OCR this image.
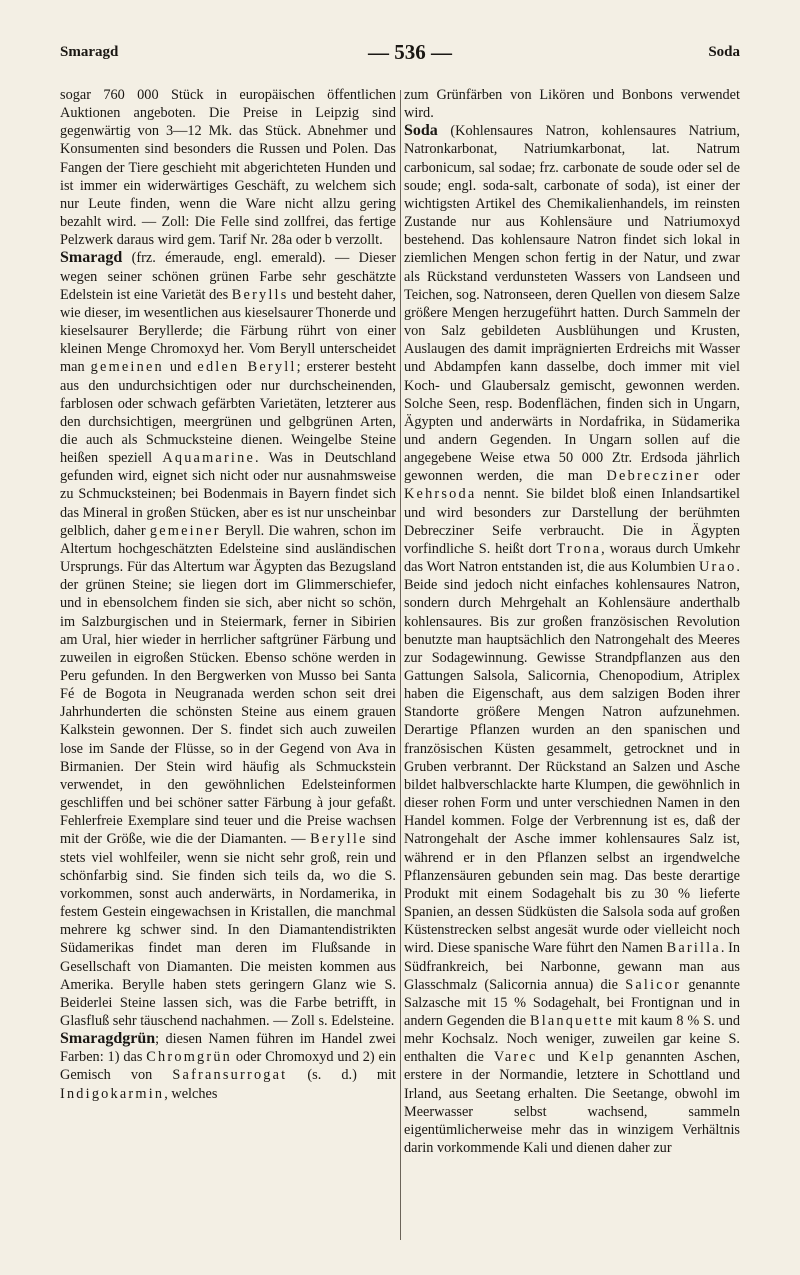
Smaragd	— 536 —	Soda

sogar 760 000 Stück in europäischen öffentlichen Auktionen angeboten. Die Preise in Leipzig sind gegenwärtig von 3—12 Mk. das Stück. Abnehmer und Konsumenten sind besonders die Russen und Polen. Das Fangen der Tiere geschieht mit abgerichteten Hunden und ist immer ein widerwärtiges Geschäft, zu welchem sich nur Leute finden, wenn die Ware nicht allzu gering bezahlt wird. — Zoll: Die Felle sind zollfrei, das fertige Pelzwerk daraus wird gem. Tarif Nr. 28a oder b verzollt.

Smaragd (frz. émeraude, engl. emerald). — Dieser wegen seiner schönen grünen Farbe sehr geschätzte Edelstein ist eine Varietät des Berylls und besteht daher, wie dieser, im wesentlichen aus kieselsaurer Thonerde und kieselsaurer Beryllerde; die Färbung rührt von einer kleinen Menge Chromoxyd her. Vom Beryll unterscheidet man gemeinen und edlen Beryll; ersterer besteht aus den undurchsichtigen oder nur durchscheinenden, farblosen oder schwach gefärbten Varietäten, letzterer aus den durchsichtigen, meergrünen und gelbgrünen Arten, die auch als Schmucksteine dienen. Weingelbe Steine heißen speziell Aquamarine. Was in Deutschland gefunden wird, eignet sich nicht oder nur ausnahmsweise zu Schmucksteinen; bei Bodenmais in Bayern findet sich das Mineral in großen Stücken, aber es ist nur unscheinbar gelblich, daher gemeiner Beryll. Die wahren, schon im Altertum hochgeschätzten Edelsteine sind ausländischen Ursprungs. Für das Altertum war Ägypten das Bezugsland der grünen Steine; sie liegen dort im Glimmerschiefer, und in ebensolchem finden sie sich, aber nicht so schön, im Salzburgischen und in Steiermark, ferner in Sibirien am Ural, hier wieder in herrlicher saftgrüner Färbung und zuweilen in eigroßen Stücken. Ebenso schöne werden in Peru gefunden. In den Bergwerken von Musso bei Santa Fé de Bogota in Neugranada werden schon seit drei Jahrhunderten die schönsten Steine aus einem grauen Kalkstein gewonnen. Der S. findet sich auch zuweilen lose im Sande der Flüsse, so in der Gegend von Ava in Birmanien. Der Stein wird häufig als Schmuckstein verwendet, in den gewöhnlichen Edelsteinformen geschliffen und bei schöner satter Färbung à jour gefaßt. Fehlerfreie Exemplare sind teuer und die Preise wachsen mit der Größe, wie die der Diamanten. — Berylle sind stets viel wohlfeiler, wenn sie nicht sehr groß, rein und schönfarbig sind. Sie finden sich teils da, wo die S. vorkommen, sonst auch anderwärts, in Nordamerika, in festem Gestein eingewachsen in Kristallen, die manchmal mehrere kg schwer sind. In den Diamantendistrikten Südamerikas findet man deren im Flußsande in Gesellschaft von Diamanten. Die meisten kommen aus Amerika. Berylle haben stets geringern Glanz wie S. Beiderlei Steine lassen sich, was die Farbe betrifft, in Glasfluß sehr täuschend nachahmen. — Zoll s. Edelsteine.

Smaragdgrün; diesen Namen führen im Handel zwei Farben: 1) das Chromgrün oder Chromoxyd und 2) ein Gemisch von Safransurrogat (s. d.) mit Indigokarmin, welches

zum Grünfärben von Likören und Bonbons verwendet wird.

Soda (Kohlensaures Natron, kohlensaures Natrium, Natronkarbonat, Natriumkarbonat, lat. Natrum carbonicum, sal sodae; frz. carbonate de soude oder sel de soude; engl. soda-salt, carbonate of soda), ist einer der wichtigsten Artikel des Chemikalienhandels, im reinsten Zustande nur aus Kohlensäure und Natriumoxyd bestehend. Das kohlensaure Natron findet sich lokal in ziemlichen Mengen schon fertig in der Natur, und zwar als Rückstand verdunsteten Wassers von Landseen und Teichen, sog. Natronseen, deren Quellen von diesem Salze größere Mengen herzugeführt hatten. Durch Sammeln der von Salz gebildeten Ausblühungen und Krusten, Auslaugen des damit imprägnierten Erdreichs mit Wasser und Abdampfen kann dasselbe, doch immer mit viel Koch- und Glaubersalz gemischt, gewonnen werden. Solche Seen, resp. Bodenflächen, finden sich in Ungarn, Ägypten und anderwärts in Nordafrika, in Südamerika und andern Gegenden. In Ungarn sollen auf die angegebene Weise etwa 50 000 Ztr. Erdsoda jährlich gewonnen werden, die man Debrecziner oder Kehrsoda nennt. Sie bildet bloß einen Inlandsartikel und wird besonders zur Darstellung der berühmten Debrecziner Seife verbraucht. Die in Ägypten vorfindliche S. heißt dort Trona, woraus durch Umkehr das Wort Natron entstanden ist, die aus Kolumbien Urao. Beide sind jedoch nicht einfaches kohlensaures Natron, sondern durch Mehrgehalt an Kohlensäure anderthalb kohlensaures. Bis zur großen französischen Revolution benutzte man hauptsächlich den Natrongehalt des Meeres zur Sodagewinnung. Gewisse Strandpflanzen aus den Gattungen Salsola, Salicornia, Chenopodium, Atriplex haben die Eigenschaft, aus dem salzigen Boden ihrer Standorte größere Mengen Natron aufzunehmen. Derartige Pflanzen wurden an den spanischen und französischen Küsten gesammelt, getrocknet und in Gruben verbrannt. Der Rückstand an Salzen und Asche bildet halbverschlackte harte Klumpen, die gewöhnlich in dieser rohen Form und unter verschiednen Namen in den Handel kommen. Folge der Verbrennung ist es, daß der Natrongehalt der Asche immer kohlensaures Salz ist, während er in den Pflanzen selbst an irgendwelche Pflanzensäuren gebunden sein mag. Das beste derartige Produkt mit einem Sodagehalt bis zu 30 % lieferte Spanien, an dessen Südküsten die Salsola soda auf großen Küstenstrecken selbst angesät wurde oder vielleicht noch wird. Diese spanische Ware führt den Namen Barilla. In Südfrankreich, bei Narbonne, gewann man aus Glasschmalz (Salicornia annua) die Salicor genannte Salzasche mit 15 % Sodagehalt, bei Frontignan und in andern Gegenden die Blanquette mit kaum 8 % S. und mehr Kochsalz. Noch weniger, zuweilen gar keine S. enthalten die Varec und Kelp genannten Aschen, erstere in der Normandie, letztere in Schottland und Irland, aus Seetang erhalten. Die Seetange, obwohl im Meerwasser selbst wachsend, sammeln eigentümlicherweise mehr das in winzigem Verhältnis darin vorkommende Kali und dienen daher zur
